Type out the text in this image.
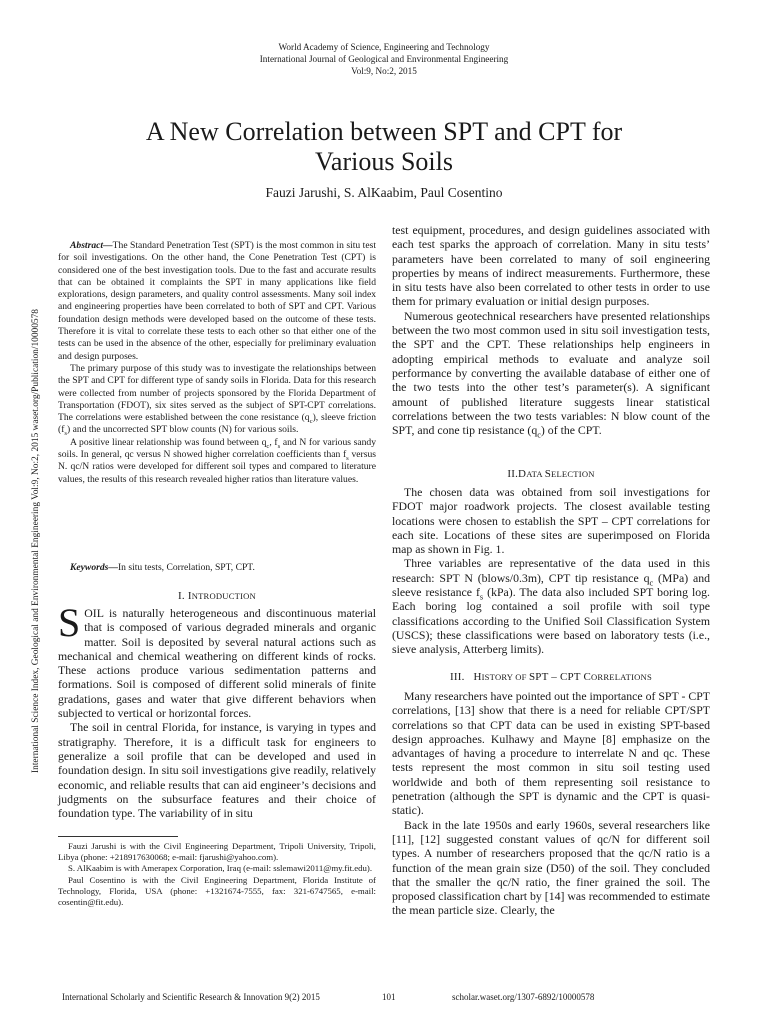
World Academy of Science, Engineering and Technology
International Journal of Geological and Environmental Engineering
Vol:9, No:2, 2015
A New Correlation between SPT and CPT for
Various Soils
Fauzi Jarushi, S. AlKaabim, Paul Cosentino
International Science Index, Geological and Environmental Engineering Vol:9, No:2, 2015 waset.org/Publication/10000578

Abstract—The Standard Penetration Test (SPT) is the most common in situ test for soil investigations. On the other hand, the Cone Penetration Test (CPT) is considered one of the best investigation tools. Due to the fast and accurate results that can be obtained it complaints the SPT in many applications like field explorations, design parameters, and quality control assessments. Many soil index and engineering properties have been correlated to both of SPT and CPT. Various foundation design methods were developed based on the outcome of these tests. Therefore it is vital to correlate these tests to each other so that either one of the tests can be used in the absence of the other, especially for preliminary evaluation and design purposes.

The primary purpose of this study was to investigate the relationships between the SPT and CPT for different type of sandy soils in Florida. Data for this research were collected from number of projects sponsored by the Florida Department of Transportation (FDOT), six sites served as the subject of SPT-CPT correlations. The correlations were established between the cone resistance $(q_c)$, sleeve friction $(f_s)$ and the uncorrected SPT blow counts (N) for various soils.

A positive linear relationship was found between $q_c$, $f_s$ and N for various sandy soils. In general, qc versus N showed higher correlation coefficients than $f_s$ versus N. qc/N ratios were developed for different soil types and compared to literature values, the results of this research revealed higher ratios than literature values.

Keywords—In situ tests, Correlation, SPT, CPT.
I. INTRODUCTION

SOIL is naturally heterogeneous and discontinuous material that is composed of various degraded minerals and organic matter. Soil is deposited by several natural actions such as mechanical and chemical weathering on different kinds of rocks. These actions produce various sedimentation patterns and formations. Soil is composed of different solid minerals of finite gradations, gases and water that give different behaviors when subjected to vertical or horizontal forces.

The soil in central Florida, for instance, is varying in types and stratigraphy. Therefore, it is a difficult task for engineers to generalize a soil profile that can be developed and used in foundation design. In situ soil investigations give readily, relatively economic, and reliable results that can aid engineer’s decisions and judgments on the subsurface features and their choice of foundation type. The variability of in situ

Fauzi Jarushi is with the Civil Engineering Department, Tripoli University, Tripoli, Libya (phone: +218917630068; e-mail: fjarushi@yahoo.com).

S. AlKaabim is with Amerapex Corporation, Iraq (e-mail: sslemawi2011@my.fit.edu).

Paul Cosentino is with the Civil Engineering Department, Florida Institute of Technology, Florida, USA (phone: +1321674-7555, fax: 321-6747565, e-mail: cosentin@fit.edu).

test equipment, procedures, and design guidelines associated with each test sparks the approach of correlation. Many in situ tests’ parameters have been correlated to many of soil engineering properties by means of indirect measurements. Furthermore, these in situ tests have also been correlated to other tests in order to use them for primary evaluation or initial design purposes.

Numerous geotechnical researchers have presented relationships between the two most common used in situ soil investigation tests, the SPT and the CPT. These relationships help engineers in adopting empirical methods to evaluate and analyze soil performance by converting the available database of either one of the two tests into the other test’s parameter(s). A significant amount of published literature suggests linear statistical correlations between the two tests variables: N blow count of the SPT, and cone tip resistance $(q_c)$ of the CPT.

II.DATA SELECTION

The chosen data was obtained from soil investigations for FDOT major roadwork projects. The closest available testing locations were chosen to establish the SPT – CPT correlations for each site. Locations of these sites are superimposed on Florida map as shown in Fig. 1.

Three variables are representative of the data used in this research: SPT N (blows/0.3m), CPT tip resistance $q_c$ (MPa) and sleeve resistance $f_s$ (kPa). The data also included SPT boring log. Each boring log contained a soil profile with soil type classifications according to the Unified Soil Classification System (USCS); these classifications were based on laboratory tests (i.e., sieve analysis, Atterberg limits).

III. HISTORY OF SPT – CPT CORRELATIONS

Many researchers have pointed out the importance of SPT - CPT correlations, [13] show that there is a need for reliable CPT/SPT correlations so that CPT data can be used in existing SPT-based design approaches. Kulhawy and Mayne [8] emphasize on the advantages of having a procedure to interrelate N and qc. These tests represent the most common in situ soil testing used worldwide and both of them representing soil resistance to penetration (although the SPT is dynamic and the CPT is quasi-static).

Back in the late 1950s and early 1960s, several researchers like [11], [12] suggested constant values of qc/N for different soil types. A number of researchers proposed that the qc/N ratio is a function of the mean grain size (D50) of the soil. They concluded that the smaller the qc/N ratio, the finer grained the soil. The proposed classification chart by [14] was recommended to estimate the mean particle size. Clearly, the

International Scholarly and Scientific Research & Innovation 9(2) 2015	101	scholar.waset.org/1307-6892/10000578
